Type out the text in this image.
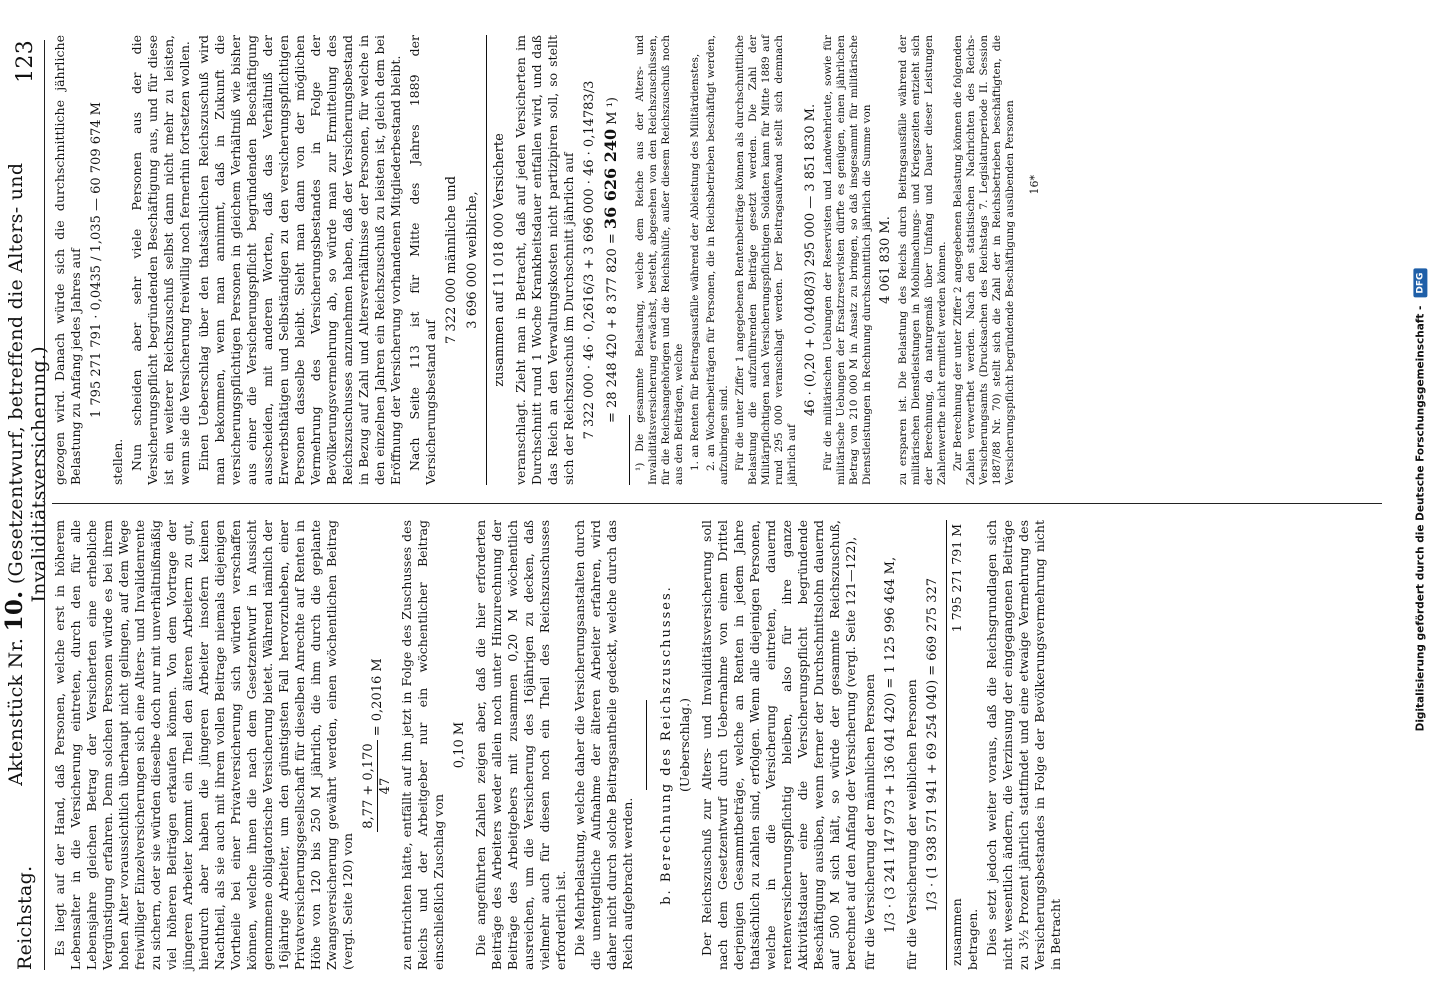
Reichstag.
Aktenstück Nr. 10. (Gesetzentwurf, betreffend die Alters- und Invaliditätsversicherung.)
123

Es liegt auf der Hand, daß Personen, welche erst in höherem Lebensalter in die Versicherung eintreten, durch den für alle Lebensjahre gleichen Betrag der Versicherten eine erhebliche Vergünstigung erfahren. Denn solchen Personen würde es bei ihrem hohen Alter voraussichtlich überhaupt nicht gelingen, auf dem Wege freiwilliger Einzelversicherungen sich eine Alters- und Invalidenrente zu sichern, oder sie würden dieselbe doch nur mit unverhältnißmäßig viel höheren Beiträgen erkaufen können. Von dem Vortrage der jüngeren Arbeiter kommt ein Theil den älteren Arbeitern zu gut, hierdurch aber haben die jüngeren Arbeiter insofern keinen Nachtheil, als sie auch mit ihrem vollen Beitrage niemals diejenigen Vortheile bei einer Privatversicherung sich würden verschaffen können, welche ihnen die nach dem Gesetzentwurf in Aussicht genommene obligatorische Versicherung bietet. Während nämlich der 16jährige Arbeiter, um den günstigsten Fall hervorzuheben, einer Privatversicherungsgesellschaft für dieselben Anrechte auf Renten in Höhe von 120 bis 250 M jährlich, die ihm durch die geplante Zwangsversicherung gewährt werden, einen wöchentlichen Beitrag (vergl. Seite 120) von

8,77 + 0,170 47
= 0,2016 M	zu entrichten hätte, entfällt auf ihn jetzt in Folge des Zuschusses des Reichs und der Arbeitgeber nur ein wöchentlicher Beitrag einschließlich Zuschlag von

0,10 M Die angeführten Zahlen zeigen aber, daß die hier erforderten Beiträge des Arbeiters weder allein noch unter Hinzurechnung der Beiträge des Arbeitgebers mit zusammen 0,20 M wöchentlich ausreichen, um die Versicherung des 16jährigen zu decken, daß vielmehr auch für diesen noch ein Theil des Reichszuschusses erforderlich ist. Die Mehrbelastung, welche daher die Versicherungsanstalten durch die unentgeltliche Aufnahme der älteren Arbeiter erfahren, wird daher nicht durch solche Beitragsantheile gedeckt, welche durch das Reich aufgebracht werden. b. Berechnung des Reichszuschusses. (Ueberschlag.) Der Reichszuschuß zur Alters- und Invaliditätsversicherung soll nach dem Gesetzentwurf durch Uebernahme von einem Drittel derjenigen Gesammtbeträge, welche an Renten in jedem Jahre thatsächlich zu zahlen sind, erfolgen. Wenn alle diejenigen Personen, welche in die Versicherung eintreten, dauernd rentenversicherungspflichtig bleiben, also für ihre ganze Aktivitätsdauer eine die Versicherungspflicht begründende Beschäftigung ausüben, wenn ferner der Durchschnittslohn dauernd auf 500 M sich hält, so würde der gesammte Reichszuschuß, berechnet auf den Anfang der Versicherung (vergl. Seite 121—122), für die Versicherung der männlichen Personen 1/3 · (3 241 147 973 + 136 041 420) = 1 125 996 464 M, für die Versicherung der weiblichen Personen 1/3 · (1 938 571 941 + 69 254 040) = 669 275 327
zusammen
1 795 271 791 M

betragen. Dies setzt jedoch weiter voraus, daß die Reichsgrundlagen sich nicht wesentlich ändern, die Verzinsung der eingegangenen Beiträge zu 3½ Prozent jährlich stattfindet und eine etwaige Vermehrung des Versicherungsbestandes in Folge der Bevölkerungsvermehrung nicht in Betracht

gezogen wird. Danach würde sich die durchschnittliche jährliche Belastung zu Anfang jedes Jahres auf 1 795 271 791 · 0,0435 / 1,035 — 60 709 674 M

stellen. Nun scheiden aber sehr viele Personen aus der die Versicherungspflicht begründenden Beschäftigung aus, und für diese ist ein weiterer Reichszuschuß selbst dann nicht mehr zu leisten, wenn sie die Versicherung freiwillig noch fernerhin fortsetzen wollen. Einen Ueberschlag über den thatsächlichen Reichszuschuß wird man bekommen, wenn man annimmt, daß in Zukunft die versicherungspflichtigen Personen in gleichem Verhältniß wie bisher aus einer die Versicherungspflicht begründenden Beschäftigung ausscheiden, mit anderen Worten, daß das Verhältniß der Erwerbsthätigen und Selbständigen zu den versicherungspflichtigen Personen dasselbe bleibt. Sieht man dann von der möglichen Vermehrung des Versicherungsbestandes in Folge der Bevölkerungsvermehrung ab, so würde man zur Ermittelung des Reichszuschusses anzunehmen haben, daß der Versicherungsbestand in Bezug auf Zahl und Altersverhältnisse der Personen, für welche in den einzelnen Jahren ein Reichszuschuß zu leisten ist, gleich dem bei Eröffnung der Versicherung vorhandenen Mitgliederbestand bleibt. Nach Seite 113 ist für Mitte des Jahres 1889 der Versicherungsbestand auf

7 322 000 männliche und 3 696 000 weibliche, zusammen auf 11 018 000 Versicherte veranschlagt. Zieht man in Betracht, daß auf jeden Versicherten im Durchschnitt rund 1 Woche Krankheitsdauer entfallen wird, und daß das Reich an den Verwaltungskosten nicht partizipiren soll, so stellt sich der Reichszuschuß im Durchschnitt jährlich auf 7 322 000 · 46 · 0,2616/3 + 3 696 000 · 46 · 0,14783/3 = 28 248 420 + 8 377 820 = 36 626 240 M ¹)

¹) Die gesammte Belastung, welche dem Reiche aus der Alters- und Invaliditätsversicherung erwächst, besteht, abgesehen von den Reichszuschüssen, für die Reichsangehörigen und die Reichshülfe, außer diesem Reichszuschuß noch aus den Beiträgen, welche 1. an Renten für Beitragsausfälle während der Ableistung des Militärdienstes, 2. an Wochenbeiträgen für Personen, die in Reichsbetrieben beschäftigt werden, aufzubringen sind. Für die unter Ziffer 1 angegebenen Rentenbeiträge können als durchschnittliche Belastung die aufzuführenden Beiträge gesetzt werden. Die Zahl der Militärpflichtigen nach Versicherungspflichtigen Soldaten kann für Mitte 1889 auf rund 295 000 veranschlagt werden. Der Beitragsaufwand stellt sich demnach jährlich auf

46 · (0,20 + 0,0408/3) 295 000 — 3 851 830 M. Für die militärischen Uebungen der Reservisten und Landwehrleute, sowie für militärische Uebungen der Ersatzreservisten dürfte es genügen, einen jährlichen Betrag von 210 000 M in Ansatz zu bringen, so daß insgesammt für militärische Dienstleistungen in Rechnung durchschnittlich jährlich die Summe von 4 061 830 M. zu ersparen ist. Die Belastung des Reichs durch Beitragsausfälle während der militärischen Dienstleistungen in Mobilmachungs- und Kriegszeiten entzieht sich der Berechnung, da naturgemäß über Umfang und Dauer dieser Leistungen Zahlenwerthe nicht ermittelt werden können. Zur Berechnung der unter Ziffer 2 angegebenen Belastung können die folgenden Zahlen verwerthet werden. Nach den statistischen Nachrichten des Reichs-Versicherungsamts (Drucksachen des Reichstags 7. Legislaturperiode II. Session 1887/88 Nr. 70) stellt sich die Zahl der in Reichsbetrieben beschäftigten, die Versicherungspflicht begründende Beschäftigung ausübenden Personen 16*
Digitalisierung gefördert durch die Deutsche Forschungsgemeinschaft -
DFG
